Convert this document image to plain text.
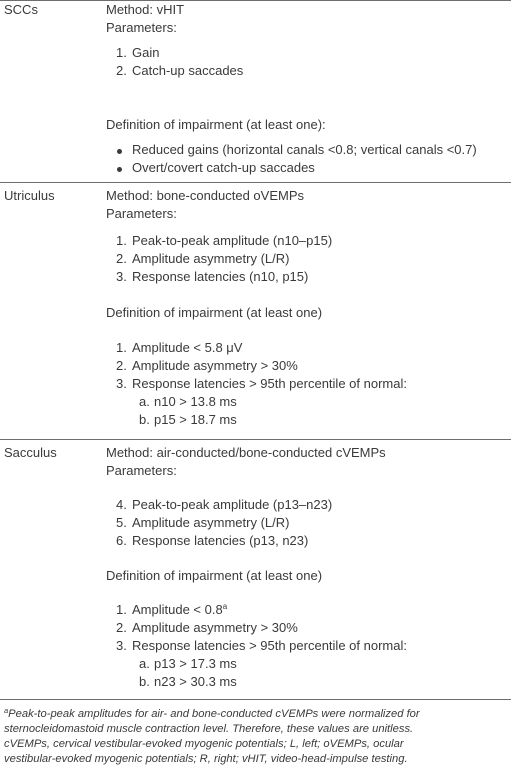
SCCs	Method: vHIT
Parameters:
1. Gain
2. Catch-up saccades
Definition of impairment (at least one):
Reduced gains (horizontal canals <0.8; vertical canals <0.7)
Overt/covert catch-up saccades
Utriculus	Method: bone-conducted oVEMPs
Parameters:
1. Peak-to-peak amplitude (n10–p15)
2. Amplitude asymmetry (L/R)
3. Response latencies (n10, p15)
Definition of impairment (at least one)
1. Amplitude < 5.8 μV
2. Amplitude asymmetry > 30%
3. Response latencies > 95th percentile of normal:
a. n10 > 13.8 ms
b. p15 > 18.7 ms
Sacculus	Method: air-conducted/bone-conducted cVEMPs
Parameters:
4. Peak-to-peak amplitude (p13–n23)
5. Amplitude asymmetry (L/R)
6. Response latencies (p13, n23)
Definition of impairment (at least one)
1. Amplitude < 0.8$^a$
2. Amplitude asymmetry > 30%
3. Response latencies > 95th percentile of normal:
a. p13 > 17.3 ms
b. n23 > 30.3 ms
$^a$Peak-to-peak amplitudes for air- and bone-conducted cVEMPs were normalized for
sternocleidomastoid muscle contraction level. Therefore, these values are unitless.
cVEMPs, cervical vestibular-evoked myogenic potentials; L, left; oVEMPs, ocular
vestibular-evoked myogenic potentials; R, right; vHIT, video-head-impulse testing.
